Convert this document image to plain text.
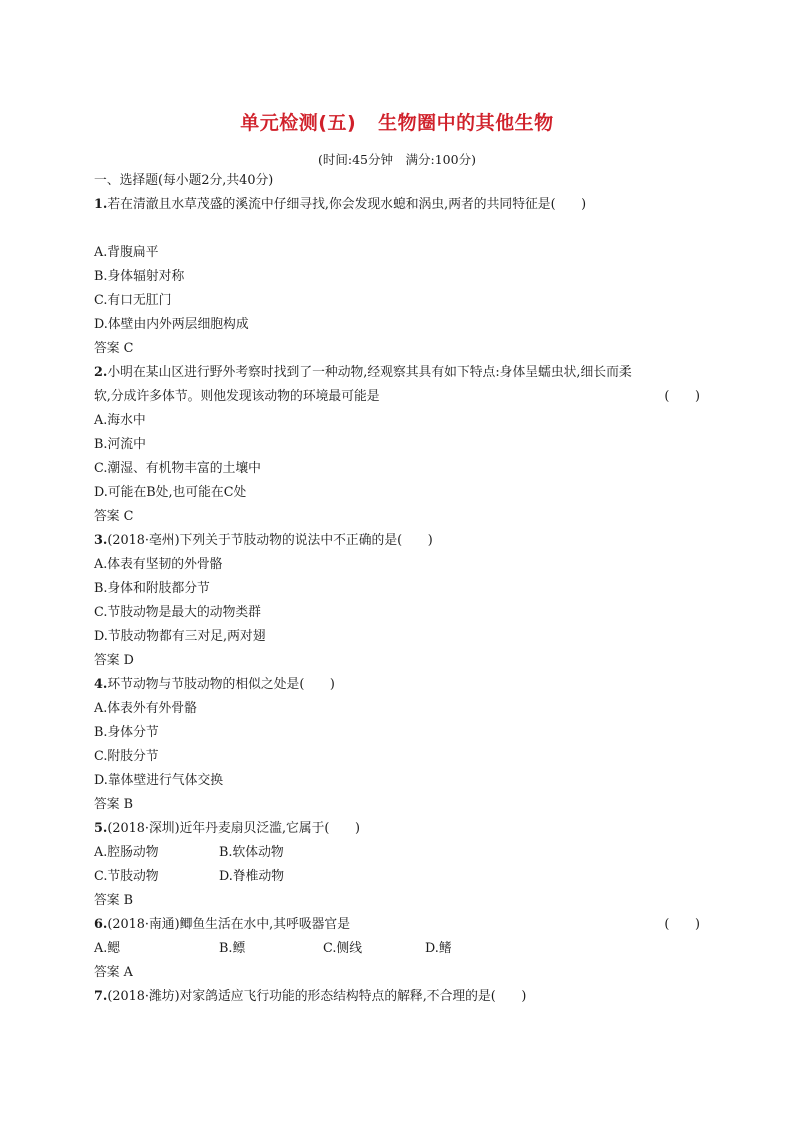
单元检测(五) 生物圈中的其他生物
(时间:45分钟　满分:100分)
一、选择题(每小题2分,共40分)
1.若在清澈且水草茂盛的溪流中仔细寻找,你会发现水螅和涡虫,两者的共同特征是(　　)
A.背腹扁平
B.身体辐射对称
C.有口无肛门
D.体壁由内外两层细胞构成
答案 C
2.小明在某山区进行野外考察时找到了一种动物,经观察其具有如下特点:身体呈蠕虫状,细长而柔
软,分成许多体节。则他发现该动物的环境最可能是	(　　)
A.海水中
B.河流中
C.潮湿、有机物丰富的土壤中
D.可能在B处,也可能在C处
答案 C
3.(2018·亳州)下列关于节肢动物的说法中不正确的是(　　)
A.体表有坚韧的外骨骼
B.身体和附肢都分节
C.节肢动物是最大的动物类群
D.节肢动物都有三对足,两对翅
答案 D
4.环节动物与节肢动物的相似之处是(　　)
A.体表外有外骨骼
B.身体分节
C.附肢分节
D.靠体壁进行气体交换
答案 B
5.(2018·深圳)近年丹麦扇贝泛滥,它属于(　　)
A.腔肠动物	B.软体动物
C.节肢动物	D.脊椎动物
答案 B
6.(2018·南通)鲫鱼生活在水中,其呼吸器官是	(　　)
A.鳃	B.鳔	C.侧线	D.鳍
答案 A
7.(2018·潍坊)对家鸽适应飞行功能的形态结构特点的解释,不合理的是(　　)
